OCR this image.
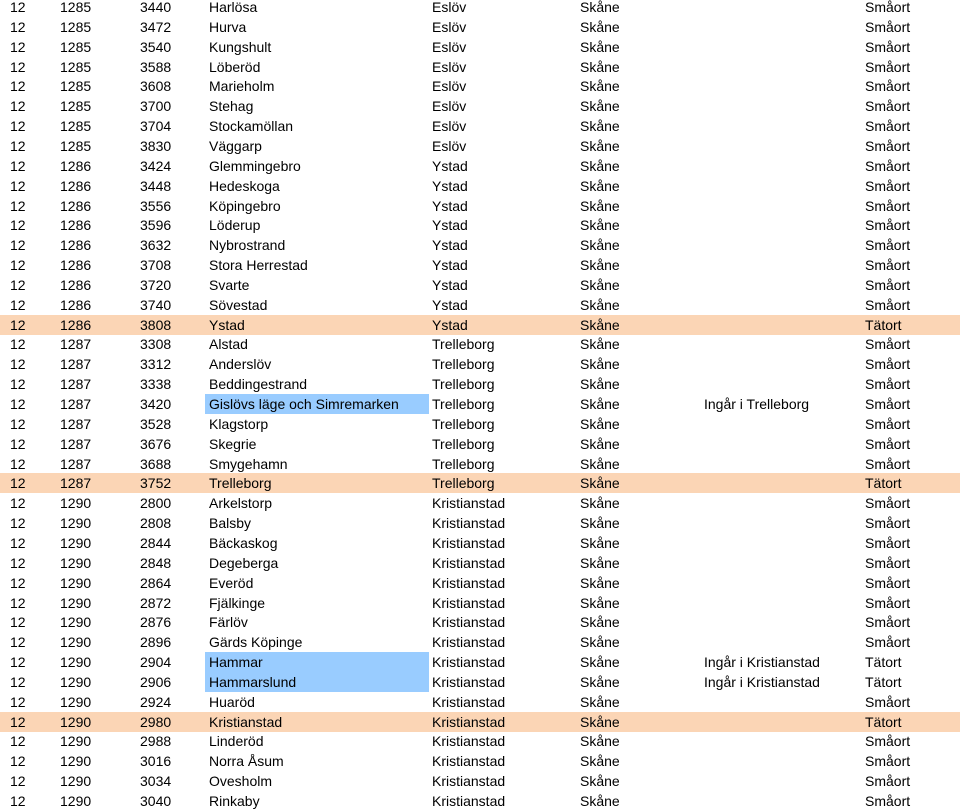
12	1285	3440	Harlösa	Eslöv	Skåne	Småort
12	1285	3472	Hurva	Eslöv	Skåne	Småort
12	1285	3540	Kungshult	Eslöv	Skåne	Småort
12	1285	3588	Löberöd	Eslöv	Skåne	Småort
12	1285	3608	Marieholm	Eslöv	Skåne	Småort
12	1285	3700	Stehag	Eslöv	Skåne	Småort
12	1285	3704	Stockamöllan	Eslöv	Skåne	Småort
12	1285	3830	Väggarp	Eslöv	Skåne	Småort
12	1286	3424	Glemmingebro	Ystad	Skåne	Småort
12	1286	3448	Hedeskoga	Ystad	Skåne	Småort
12	1286	3556	Köpingebro	Ystad	Skåne	Småort
12	1286	3596	Löderup	Ystad	Skåne	Småort
12	1286	3632	Nybrostrand	Ystad	Skåne	Småort
12	1286	3708	Stora Herrestad	Ystad	Skåne	Småort
12	1286	3720	Svarte	Ystad	Skåne	Småort
12	1286	3740	Sövestad	Ystad	Skåne	Småort
12	1286	3808	Ystad	Ystad	Skåne	Tätort
12	1287	3308	Alstad	Trelleborg	Skåne	Småort
12	1287	3312	Anderslöv	Trelleborg	Skåne	Småort
12	1287	3338	Beddingestrand	Trelleborg	Skåne	Småort
12	1287	3420	Gislövs läge och Simremarken	Trelleborg	Skåne	Ingår i Trelleborg	Småort
12	1287	3528	Klagstorp	Trelleborg	Skåne	Småort
12	1287	3676	Skegrie	Trelleborg	Skåne	Småort
12	1287	3688	Smygehamn	Trelleborg	Skåne	Småort
12	1287	3752	Trelleborg	Trelleborg	Skåne	Tätort
12	1290	2800	Arkelstorp	Kristianstad	Skåne	Småort
12	1290	2808	Balsby	Kristianstad	Skåne	Småort
12	1290	2844	Bäckaskog	Kristianstad	Skåne	Småort
12	1290	2848	Degeberga	Kristianstad	Skåne	Småort
12	1290	2864	Everöd	Kristianstad	Skåne	Småort
12	1290	2872	Fjälkinge	Kristianstad	Skåne	Småort
12	1290	2876	Färlöv	Kristianstad	Skåne	Småort
12	1290	2896	Gärds Köpinge	Kristianstad	Skåne	Småort
12	1290	2904	Hammar	Kristianstad	Skåne	Ingår i Kristianstad	Tätort
12	1290	2906	Hammarslund	Kristianstad	Skåne	Ingår i Kristianstad	Tätort
12	1290	2924	Huaröd	Kristianstad	Skåne	Småort
12	1290	2980	Kristianstad	Kristianstad	Skåne	Tätort
12	1290	2988	Linderöd	Kristianstad	Skåne	Småort
12	1290	3016	Norra Åsum	Kristianstad	Skåne	Småort
12	1290	3034	Ovesholm	Kristianstad	Skåne	Småort
12	1290	3040	Rinkaby	Kristianstad	Skåne	Småort
